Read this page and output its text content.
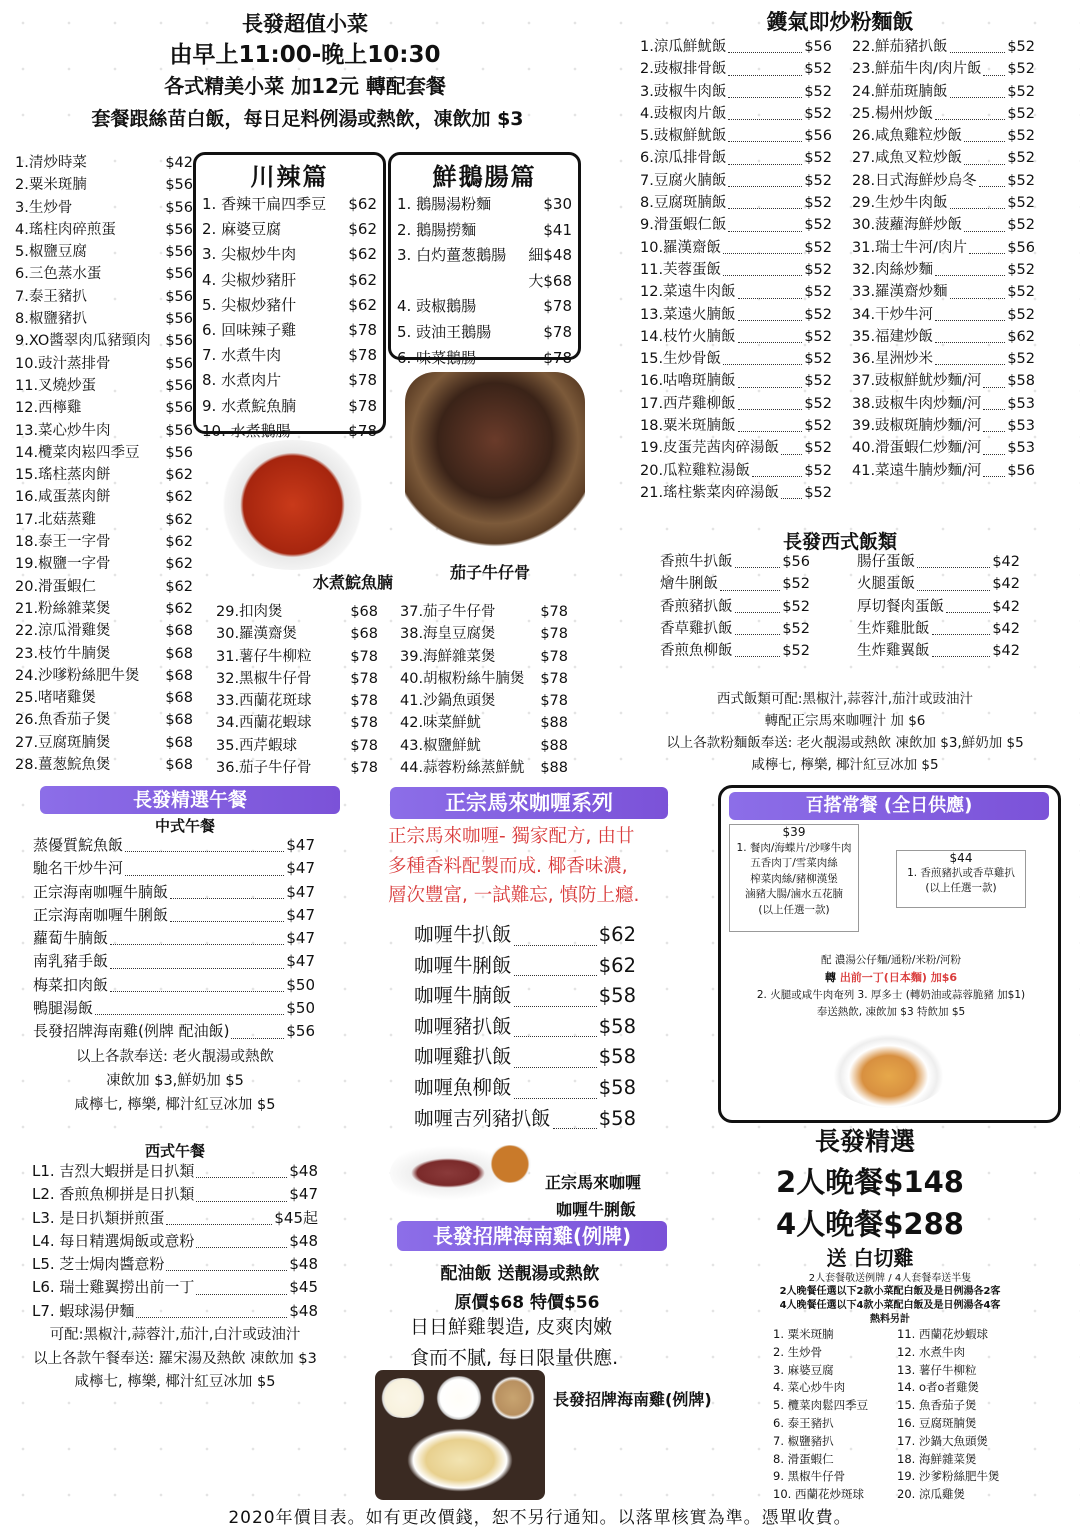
長發超值小菜
由早上11:00-晚上10:30
各式精美小菜 加12元 轉配套餐
套餐跟絲苗白飯，每日足料例湯或熱飲，凍飲加 $3
1.清炒時菜	$42
2.粟米斑腩	$56
3.生炒骨	$56
4.瑤柱肉碎煎蛋	$56
5.椒鹽豆腐	$56
6.三色蒸水蛋	$56
7.泰王豬扒	$56
8.椒鹽豬扒	$56
9.XO醬翠肉瓜豬頸肉 $56
10.豉汁蒸排骨	$56
11.叉燒炒蛋	$56
12.西檸雞	$56
13.菜心炒牛肉	$56
14.欖菜肉崧四季豆 $56
15.瑤柱蒸肉餅	$62
16.咸蛋蒸肉餅	$62
17.北菇蒸雞	$62
18.泰王一字骨	$62
19.椒鹽一字骨	$62
20.滑蛋蝦仁	$62
21.粉絲雜菜煲	$62
22.涼瓜滑雞煲	$68
23.枝竹牛腩煲	$68
24.沙嗲粉絲肥牛煲 $68
25.啫啫雞煲	$68
26.魚香茄子煲	$68
27.豆腐斑腩煲	$68
28.薑葱鯇魚煲	$68
川辣篇
1. 香辣干扁四季豆 $62
2. 麻婆豆腐	$62
3. 尖椒炒牛肉	$62
4. 尖椒炒豬肝	$62
5. 尖椒炒豬什	$62
6. 回味辣子雞	$78
7. 水煮牛肉	$78
8. 水煮肉片	$78
9. 水煮鯇魚腩	$78
10. 水煮鵝腸	$78
鮮鵝腸篇
1. 鵝腸湯粉麵	$30
2. 鵝腸撈麵	$41
3. 白灼薑葱鵝腸 細$48
大$68
4. 豉椒鵝腸	$78
5. 豉油王鵝腸	$78
6. 味菜鵝腸	$78
水煮鯇魚腩
茄子牛仔骨
29.扣肉煲	$68
30.羅漢齋煲	$68
31.薯仔牛柳粒	$78
32.黑椒牛仔骨	$78
33.西蘭花斑球	$78
34.西蘭花蝦球	$78
35.西芹蝦球	$78
36.茄子牛仔骨	$78
37.茄子牛仔骨	$78
38.海皇豆腐煲	$78
39.海鮮雜菜煲	$78
40.胡椒粉絲牛腩煲 $78
41.沙鍋魚頭煲	$78
42.味菜鮮魷	$88
43.椒鹽鮮魷	$88
44.蒜蓉粉絲蒸鮮魷 $88
鑊氣即炒粉麵飯
1.涼瓜鮮魷飯	$56
2.豉椒排骨飯	$52
3.豉椒牛肉飯	$52
4.豉椒肉片飯	$52
5.豉椒鮮魷飯	$56
6.涼瓜排骨飯	$52
7.豆腐火腩飯	$52
8.豆腐斑腩飯	$52
9.滑蛋蝦仁飯	$52
10.羅漢齋飯	$52
11.芙蓉蛋飯	$52
12.菜遠牛肉飯	$52
13.菜遠火腩飯	$52
14.枝竹火腩飯	$52
15.生炒骨飯	$52
16.咕嚕斑腩飯	$52
17.西芹雞柳飯	$52
18.粟米斑腩飯	$52
19.皮蛋芫茜肉碎湯飯 $52
20.瓜粒雞粒湯飯	$52
21.瑤柱紫菜肉碎湯飯 $52
22.鮮茄豬扒飯	$52
23.鮮茄牛肉/肉片飯 $52
24.鮮茄斑腩飯	$52
25.楊州炒飯	$52
26.咸魚雞粒炒飯	$52
27.咸魚叉粒炒飯	$52
28.日式海鮮炒烏冬 $52
29.生炒牛肉飯	$52
30.菠蘿海鮮炒飯	$52
31.瑞士牛河/肉片	$56
32.肉絲炒麵	$52
33.羅漢齋炒麵	$52
34.干炒牛河	$52
35.福建炒飯	$62
36.星洲炒米	$52
37.豉椒鮮魷炒麵/河 $58
38.豉椒牛肉炒麵/河 $53
39.豉椒斑腩炒麵/河 $53
40.滑蛋蝦仁炒麵/河 $53
41.菜遠牛腩炒麵/河 $56
長發西式飯類
香煎牛扒飯	$56
燴牛脷飯	$52
香煎豬扒飯	$52
香草雞扒飯	$52
香煎魚柳飯	$52
腸仔蛋飯	$42
火腿蛋飯	$42
厚切餐肉蛋飯	$42
生炸雞肶飯	$42
生炸雞翼飯	$42
西式飯類可配:黑椒汁,蒜蓉汁,茄汁或豉油汁
轉配正宗馬來咖喱汁 加 $6
以上各款粉麵飯奉送: 老火靚湯或熱飲 凍飲加 $3,鮮奶加 $5
咸檸七, 檸樂, 椰汁紅豆冰加 $5
長發精選午餐
中式午餐
蒸優質鯇魚飯	$47
馳名干炒牛河	$47
正宗海南咖喱牛腩飯	$47
正宗海南咖喱牛脷飯	$47
蘿蔔牛腩飯	$47
南乳豬手飯	$47
梅菜扣肉飯	$50
鴨腿湯飯	$50
長發招牌海南雞(例牌 配油飯)	$56
以上各款奉送: 老火靚湯或熱飲
凍飲加 $3,鮮奶加 $5
咸檸七, 檸樂, 椰汁紅豆冰加 $5
西式午餐
L1. 吉烈大蝦拼是日扒類	$48
L2. 香煎魚柳拼是日扒類	$47
L3. 是日扒類拼煎蛋	$45起
L4. 每日精選焗飯或意粉	$48
L5. 芝士焗肉醬意粉	$48
L6. 瑞士雞翼撈出前一丁	$45
L7. 蝦球湯伊麵	$48
可配:黑椒汁,蒜蓉汁,茄汁,白汁或豉油汁
以上各款午餐奉送: 羅宋湯及熱飲 凍飲加 $3
咸檸七, 檸樂, 椰汁紅豆冰加 $5
正宗馬來咖喱系列
正宗馬來咖喱- 獨家配方, 由廿
多種香料配製而成. 椰香味濃,
層次豐富, 一試難忘, 慎防上癮.
咖喱牛扒飯	$62
咖喱牛脷飯	$62
咖喱牛腩飯	$58
咖喱豬扒飯	$58
咖喱雞扒飯	$58
咖喱魚柳飯	$58
咖喱吉列豬扒飯 $58
正宗馬來咖喱
咖喱牛脷飯
長發招牌海南雞(例牌)
配油飯 送靚湯或熱飲
原價$68 特價$56
日日鮮雞製造, 皮爽肉嫩
食而不膩, 每日限量供應.
長發招牌海南雞(例牌)
百搭常餐 (全日供應)
$39
1. 餐肉/海蝶片/沙嗲牛肉
五香肉丁/雪菜肉絲
榨菜肉絲/豬柳漢堡
滷豬大腸/滷水五花腩
(以上任選一款)
$44
1. 香煎豬扒或香草雞扒
(以上任選一款)
配 濃湯公仔麵/通粉/米粉/河粉
轉 出前一丁(日本麵) 加$6
2. 火腿或咸牛肉奄列 3. 厚多士 (轉奶油或蒜蓉脆豬 加$1)
奉送熱飲, 凍飲加 $3 特飲加 $5
長發精選
2人晚餐$148
4人晚餐$288
送 白切雞
2人套餐敬送例牌 / 4人套餐奉送半隻
2人晚餐任選以下2款小菜配白飯及是日例湯各2客
4人晚餐任選以下4款小菜配白飯及是日例湯各4客
熱料另計
1. 粟米斑腩
2. 生炒骨
3. 麻婆豆腐
4. 菜心炒牛肉
5. 欖菜肉鬆四季豆
6. 泰王豬扒
7. 椒鹽豬扒
8. 滑蛋蝦仁
9. 黑椒牛仔骨
10. 西蘭花炒斑球
11. 西蘭花炒蝦球
12. 水煮牛肉
13. 薯仔牛柳粒
14. o者o者雞煲
15. 魚香茄子煲
16. 豆腐斑腩煲
17. 沙鍋大魚頭煲
18. 海鮮雜菜煲
19. 沙爹粉絲肥牛煲
20. 涼瓜雞煲
2020年價目表。如有更改價錢，恕不另行通知。以落單核實為準。憑單收費。
